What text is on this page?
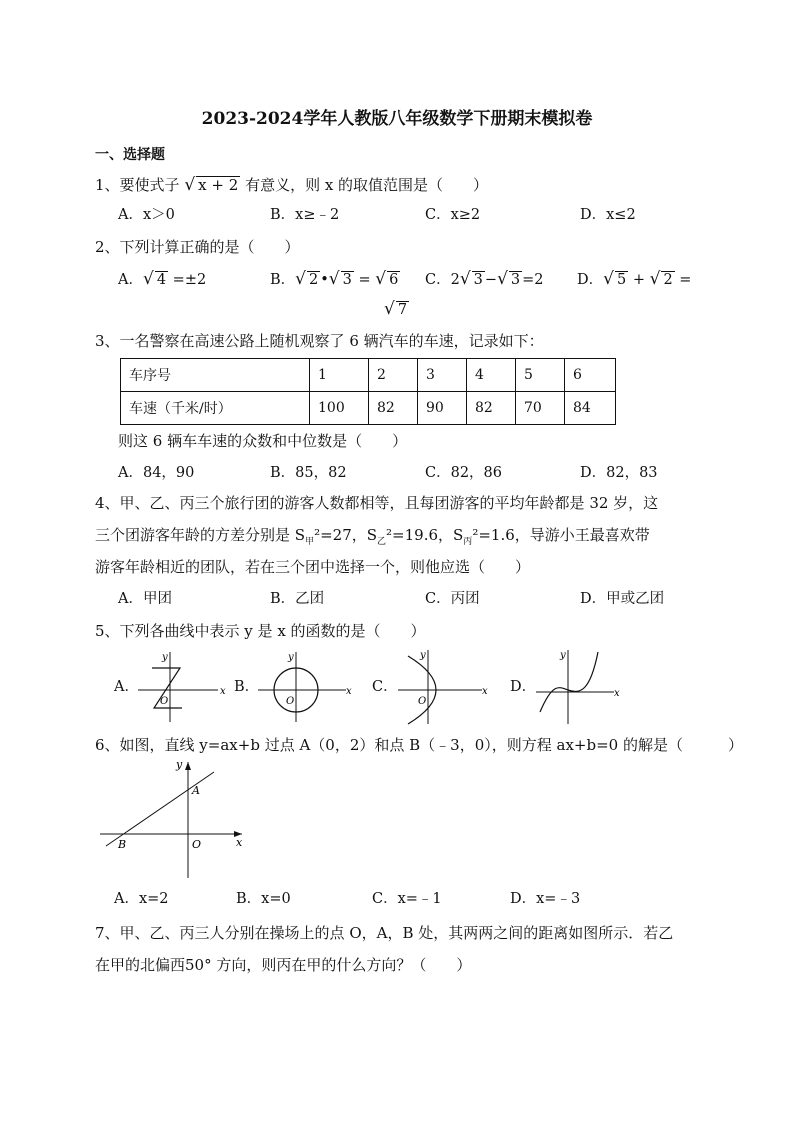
2023-2024学年人教版八年级数学下册期末模拟卷
一、选择题
1、要使式子 √ x + 2 有意义，则 x 的取值范围是（　　）
A．x＞0	B．x≥﹣2	C．x≥2	D．x≤2
2、下列计算正确的是（　　）
A．√ 4 =±2	B．√ 2 •√ 3 = √ 6 C．2√ 3 −√ 3 =2 D．√ 5 + √ 2 =
√ 7
3、一名警察在高速公路上随机观察了 6 辆汽车的车速，记录如下：
车序号	1	2	3	4	5	6
车速（千米/时）	100	82	90	82	70	84
则这 6 辆车车速的众数和中位数是（　　）
A．84，90	B．85，82	C．82，86	D．82，83
4、甲、乙、丙三个旅行团的游客人数都相等，且每团游客的平均年龄都是 32 岁，这
三个团游客年龄的方差分别是 $S_甲^2=27$，$S_乙^2=19.6$，$S_丙^2=1.6$，导游小王最喜欢带
游客年龄相近的团队，若在三个团中选择一个，则他应选（　　）
A．甲团	B．乙团	C．丙团	D．甲或乙团
5、下列各曲线中表示 y 是 x 的函数的是（　　）
A．	B．	C．	D．
x
y
O
x
y
O
x
y
O
x
y
6、如图，直线 y=ax+b 过点 A（0，2）和点 B（﹣3，0），则方程 ax+b=0 的解是（　　　）
A
B	O	x
y
A．x=2	B．x=0	C．x=﹣1	D．x=﹣3
7、甲、乙、丙三人分别在操场上的点 O，A，B 处，其两两之间的距离如图所示．若乙
在甲的北偏西50° 方向，则丙在甲的什么方向？（　　）
